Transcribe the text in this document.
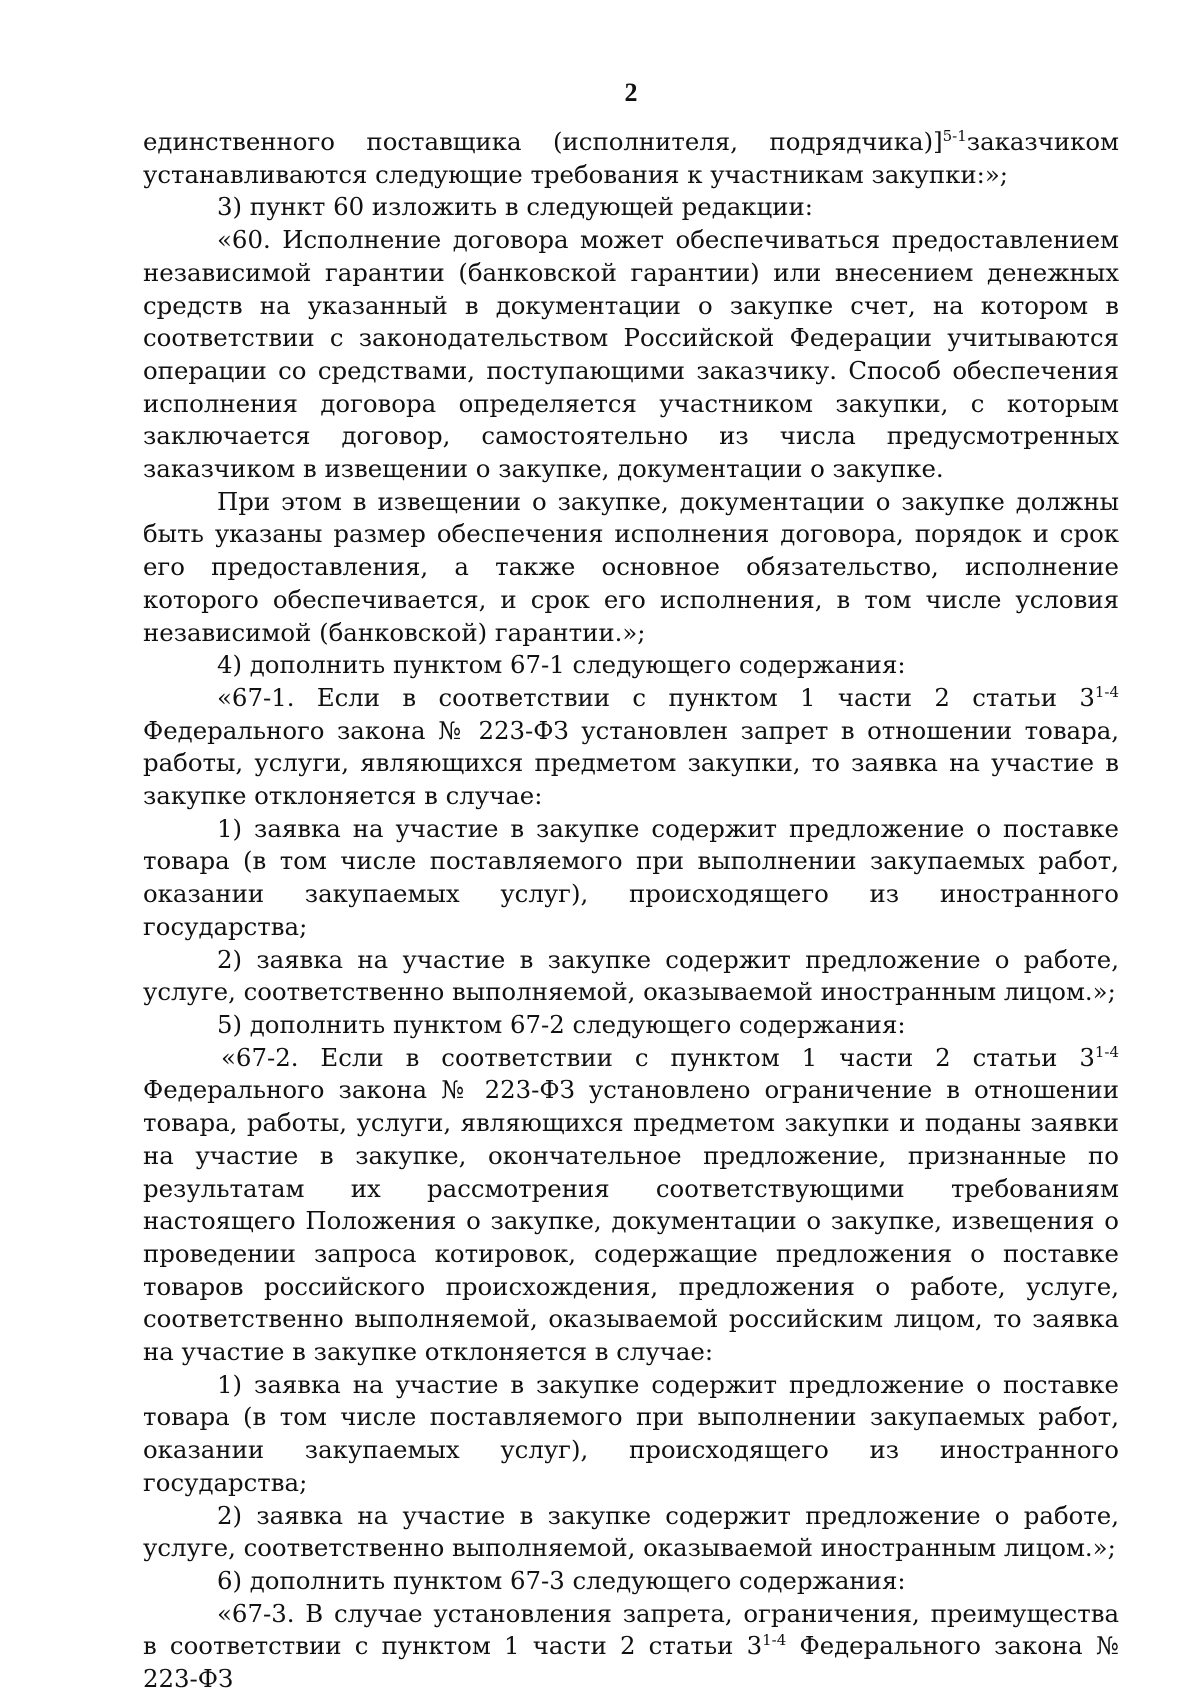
2

единственного поставщика (исполнителя, подрядчика)]$^{5-1}$заказчиком устанавливаются следующие требования к участникам закупки:»;

3) пункт 60 изложить в следующей редакции:

«60. Исполнение договора может обеспечиваться предоставлением независимой гарантии (банковской гарантии) или внесением денежных средств на указанный в документации о закупке счет, на котором в соответствии с законодательством Российской Федерации учитываются операции со средствами, поступающими заказчику. Способ обеспечения исполнения договора определяется участником закупки, с которым заключается договор, самостоятельно из числа предусмотренных заказчиком в извещении о закупке, документации о закупке.

При этом в извещении о закупке, документации о закупке должны быть указаны размер обеспечения исполнения договора, порядок и срок его предоставления, а также основное обязательство, исполнение которого обеспечивается, и срок его исполнения, в том числе условия независимой (банковской) гарантии.»;

4) дополнить пунктом 67-1 следующего содержания:

«67-1. Если в соответствии с пунктом 1 части 2 статьи 3$^{1-4}$ Федерального закона № 223-ФЗ установлен запрет в отношении товара, работы, услуги, являющихся предметом закупки, то заявка на участие в закупке отклоняется в случае:

1) заявка на участие в закупке содержит предложение о поставке товара (в том числе поставляемого при выполнении закупаемых работ, оказании закупаемых услуг), происходящего из иностранного государства;

2) заявка на участие в закупке содержит предложение о работе, услуге, соответственно выполняемой, оказываемой иностранным лицом.»;

5) дополнить пунктом 67-2 следующего содержания:

«67-2. Если в соответствии с пунктом 1 части 2 статьи 3$^{1-4}$ Федерального закона № 223-ФЗ установлено ограничение в отношении товара, работы, услуги, являющихся предметом закупки и поданы заявки на участие в закупке, окончательное предложение, признанные по результатам их рассмотрения соответствующими требованиям настоящего Положения о закупке, документации о закупке, извещения о проведении запроса котировок, содержащие предложения о поставке товаров российского происхождения, предложения о работе, услуге, соответственно выполняемой, оказываемой российским лицом, то заявка на участие в закупке отклоняется в случае:

1) заявка на участие в закупке содержит предложение о поставке товара (в том числе поставляемого при выполнении закупаемых работ, оказании закупаемых услуг), происходящего из иностранного государства;

2) заявка на участие в закупке содержит предложение о работе, услуге, соответственно выполняемой, оказываемой иностранным лицом.»;

6) дополнить пунктом 67-3 следующего содержания:

«67-3. В случае установления запрета, ограничения, преимущества в соответствии с пунктом 1 части 2 статьи 3$^{1-4}$ Федерального закона № 223-ФЗ
